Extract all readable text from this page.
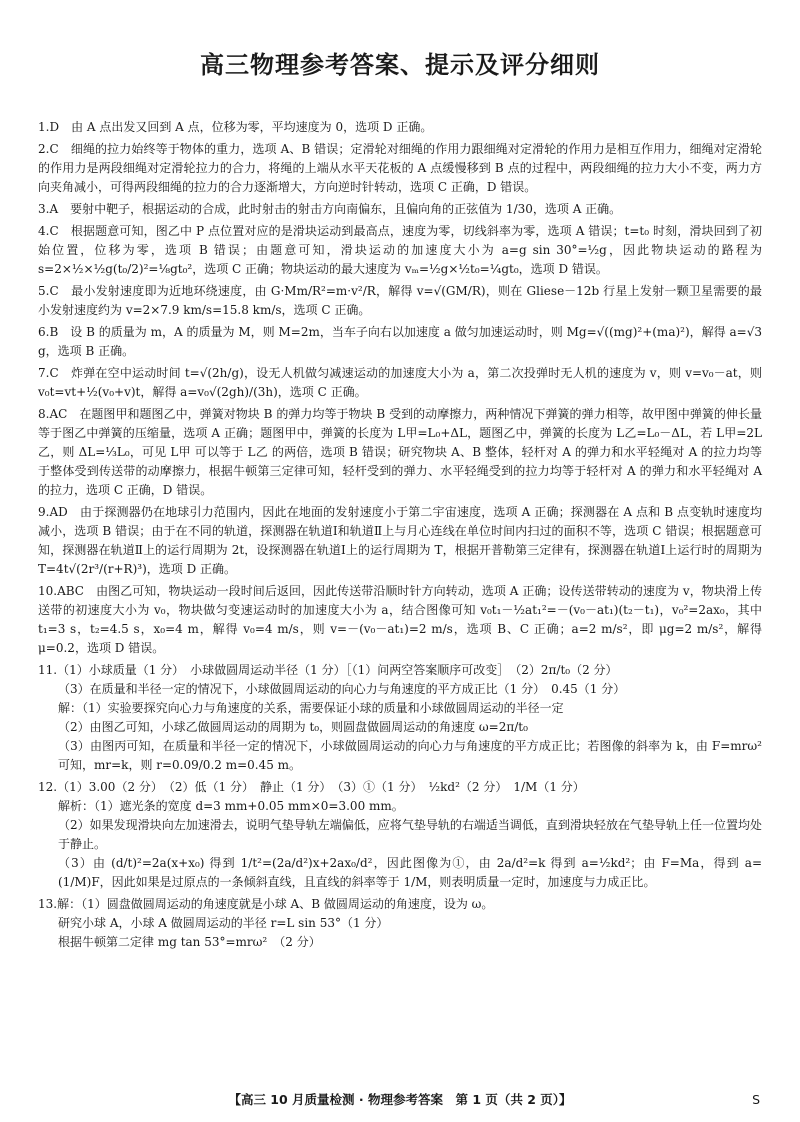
高三物理参考答案、提示及评分细则

1.D　由 A 点出发又回到 A 点，位移为零，平均速度为 0，选项 D 正确。

2.C　细绳的拉力始终等于物体的重力，选项 A、B 错误；定滑轮对细绳的作用力跟细绳对定滑轮的作用力是相互作用力，细绳对定滑轮的作用力是两段细绳对定滑轮拉力的合力，将绳的上端从水平天花板的 A 点缓慢移到 B 点的过程中，两段细绳的拉力大小不变，两力方向夹角减小，可得两段细绳的拉力的合力逐渐增大，方向逆时针转动，选项 C 正确，D 错误。

3.A　要射中靶子，根据运动的合成，此时射击的射击方向南偏东，且偏向角的正弦值为 1/30，选项 A 正确。

4.C　根据题意可知，图乙中 P 点位置对应的是滑块运动到最高点，速度为零，切线斜率为零，选项 A 错误；t=t₀ 时刻，滑块回到了初始位置，位移为零，选项 B 错误；由题意可知，滑块运动的加速度大小为 a=g sin 30°=½g，因此物块运动的路程为 s=2×½×½g(t₀/2)²=⅛gt₀²，选项 C 正确；物块运动的最大速度为 vₘ=½g×½t₀=¼gt₀，选项 D 错误。

5.C　最小发射速度即为近地环绕速度，由 G·Mm/R²=m·v²/R，解得 v=√(GM/R)，则在 Gliese－12b 行星上发射一颗卫星需要的最小发射速度约为 v=2×7.9 km/s=15.8 km/s，选项 C 正确。

6.B　设 B 的质量为 m，A 的质量为 M，则 M=2m，当车子向右以加速度 a 做匀加速运动时，则 Mg=√((mg)²+(ma)²)，解得 a=√3 g，选项 B 正确。

7.C　炸弹在空中运动时间 t=√(2h/g)，设无人机做匀减速运动的加速度大小为 a，第二次投弹时无人机的速度为 v，则 v=v₀－at，则 v₀t=vt+½(v₀+v)t，解得 a=v₀√(2gh)/(3h)，选项 C 正确。

8.AC　在题图甲和题图乙中，弹簧对物块 B 的弹力均等于物块 B 受到的动摩擦力，两种情况下弹簧的弹力相等，故甲图中弹簧的伸长量等于图乙中弹簧的压缩量，选项 A 正确；题图甲中，弹簧的长度为 L甲=L₀+ΔL，题图乙中，弹簧的长度为 L乙=L₀－ΔL，若 L甲=2L乙，则 ΔL=⅓L₀，可见 L甲 可以等于 L乙 的两倍，选项 B 错误；研究物块 A、B 整体，轻杆对 A 的弹力和水平轻绳对 A 的拉力均等于整体受到传送带的动摩擦力，根据牛顿第三定律可知，轻杆受到的弹力、水平轻绳受到的拉力均等于轻杆对 A 的弹力和水平轻绳对 A 的拉力，选项 C 正确，D 错误。

9.AD　由于探测器仍在地球引力范围内，因此在地面的发射速度小于第二宇宙速度，选项 A 正确；探测器在 A 点和 B 点变轨时速度均减小，选项 B 错误；由于在不同的轨道，探测器在轨道Ⅰ和轨道Ⅱ上与月心连线在单位时间内扫过的面积不等，选项 C 错误；根据题意可知，探测器在轨道Ⅱ上的运行周期为 2t，设探测器在轨道Ⅰ上的运行周期为 T，根据开普勒第三定律有，探测器在轨道Ⅰ上运行时的周期为 T=4t√(2r³/(r+R)³)，选项 D 正确。

10.ABC　由图乙可知，物块运动一段时间后返回，因此传送带沿顺时针方向转动，选项 A 正确；设传送带转动的速度为 v，物块滑上传送带的初速度大小为 v₀，物块做匀变速运动时的加速度大小为 a，结合图像可知 v₀t₁－½at₁²=－(v₀－at₁)(t₂－t₁)，v₀²=2ax₀，其中 t₁=3 s，t₂=4.5 s，x₀=4 m，解得 v₀=4 m/s，则 v=－(v₀－at₁)=2 m/s，选项 B、C 正确；a=2 m/s²，即 μg=2 m/s²，解得 μ=0.2，选项 D 错误。

11.（1）小球质量（1 分）　小球做圆周运动半径（1 分）［（1）问两空答案顺序可改变］　（2）2π/t₀（2 分）

（3）在质量和半径一定的情况下，小球做圆周运动的向心力与角速度的平方成正比（1 分）　0.45（1 分）

解：（1）实验要探究向心力与角速度的关系，需要保证小球的质量和小球做圆周运动的半径一定

（2）由图乙可知，小球乙做圆周运动的周期为 t₀，则圆盘做圆周运动的角速度 ω=2π/t₀

（3）由图丙可知，在质量和半径一定的情况下，小球做圆周运动的向心力与角速度的平方成正比；若图像的斜率为 k，由 F=mrω² 可知，mr=k，则 r=0.09/0.2 m=0.45 m。

12.（1）3.00（2 分）　（2）低（1 分）　静止（1 分）　（3）①（1 分）　½kd²（2 分）　1/M（1 分）

解析：（1）遮光条的宽度 d=3 mm+0.05 mm×0=3.00 mm。

（2）如果发现滑块向左加速滑去，说明气垫导轨左端偏低，应将气垫导轨的右端适当调低，直到滑块轻放在气垫导轨上任一位置均处于静止。

（3）由 (d/t)²=2a(x+x₀) 得到 1/t²=(2a/d²)x+2ax₀/d²，因此图像为①，由 2a/d²=k 得到 a=½kd²；由 F=Ma，得到 a=(1/M)F，因此如果是过原点的一条倾斜直线，且直线的斜率等于 1/M，则表明质量一定时，加速度与力成正比。

13.解：（1）圆盘做圆周运动的角速度就是小球 A、B 做圆周运动的角速度，设为 ω。

研究小球 A，小球 A 做圆周运动的半径 r=L sin 53°（1 分）

根据牛顿第二定律 mg tan 53°=mrω²　（2 分）

【高三 10 月质量检测 · 物理参考答案　第 1 页（共 2 页）】	S
